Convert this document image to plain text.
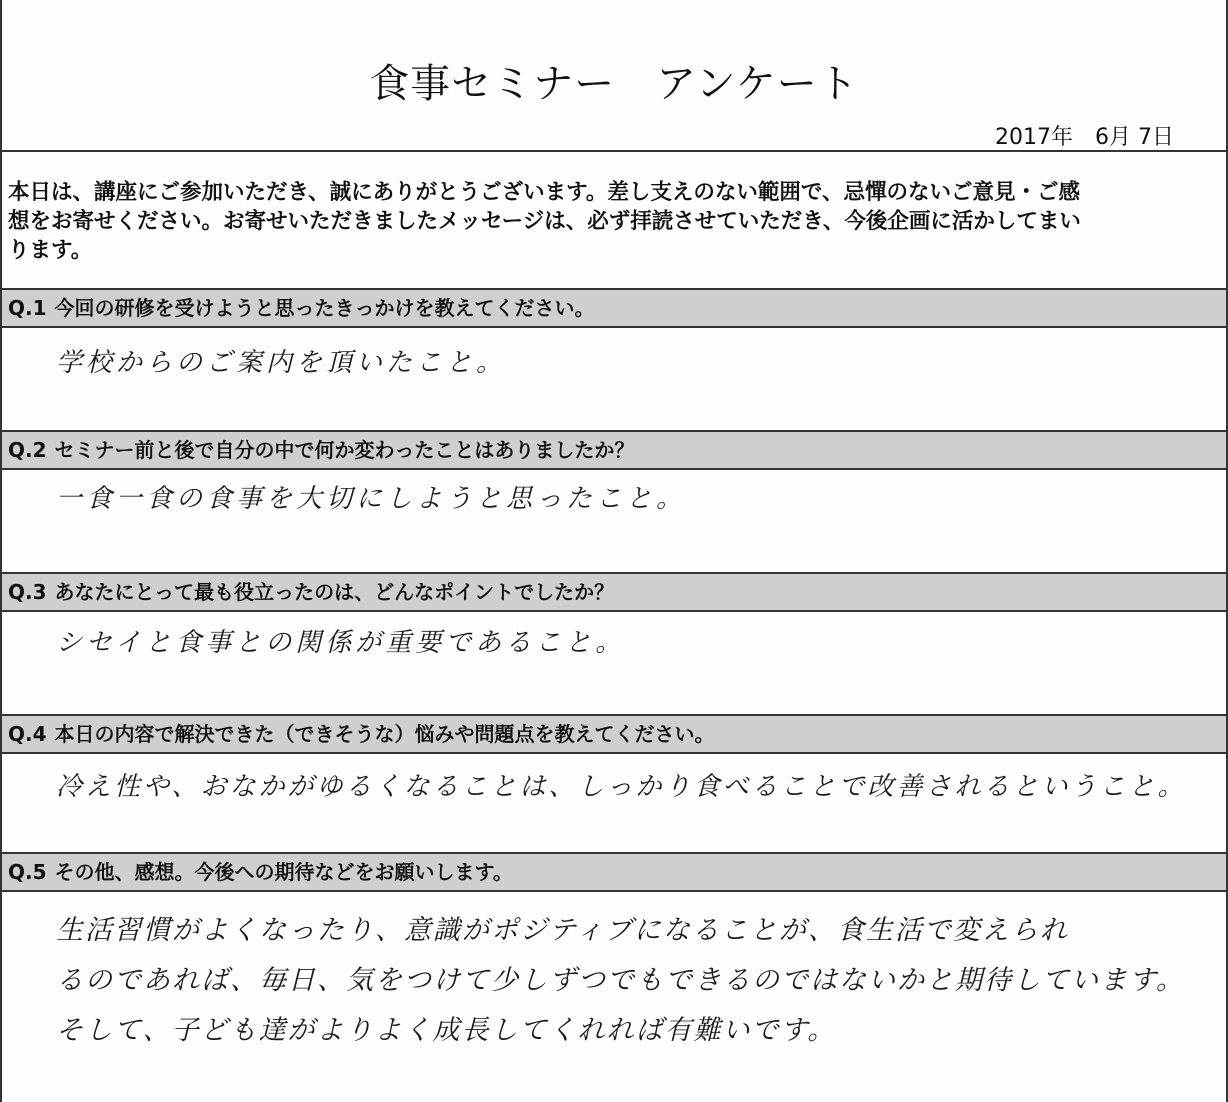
食事セミナー　アンケート
2017年　6月 7日
本日は、講座にご参加いただき、誠にありがとうございます。差し支えのない範囲で、忌憚のないご意見・ご感
想をお寄せください。お寄せいただきましたメッセージは、必ず拝読させていただき、今後企画に活かしてまい
ります。
Q.1 今回の研修を受けようと思ったきっかけを教えてください。
学校からのご案内を頂いたこと。
Q.2 セミナー前と後で自分の中で何か変わったことはありましたか？
一食一食の食事を大切にしようと思ったこと。
Q.3 あなたにとって最も役立ったのは、どんなポイントでしたか？
シセイと食事との関係が重要であること。
Q.4 本日の内容で解決できた（できそうな）悩みや問題点を教えてください。
冷え性や、おなかがゆるくなることは、しっかり食べることで改善されるということ。
Q.5 その他、感想。今後への期待などをお願いします。
生活習慣がよくなったり、意識がポジティブになることが、食生活で変えられ
るのであれば、毎日、気をつけて少しずつでもできるのではないかと期待しています。
そして、子ども達がよりよく成長してくれれば有難いです。
